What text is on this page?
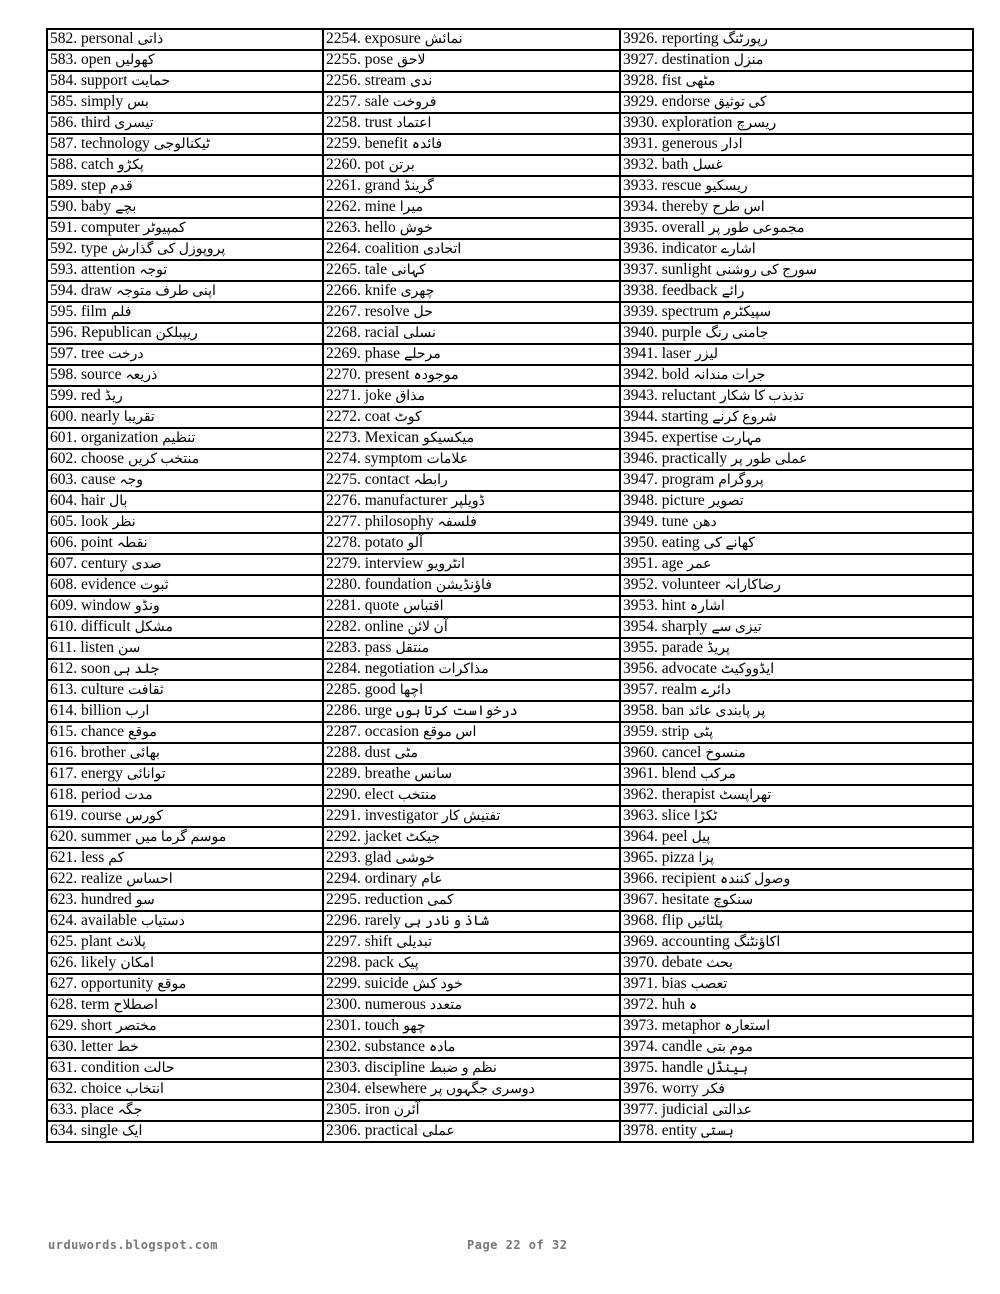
582. personal ذاتی	2254. exposure نمائش	3926. reporting رپورٹنگ
583. open کھولیں	2255. pose لاحق	3927. destination منزل
584. support حمایت	2256. stream ندی	3928. fist مٹھی
585. simply بس	2257. sale فروخت	3929. endorse کی توثیق
586. third تیسری	2258. trust اعتماد	3930. exploration ریسرچ
587. technology ٹیکنالوجی	2259. benefit فائدہ	3931. generous ادار
588. catch پکڑو	2260. pot برتن	3932. bath غسل
589. step قدم	2261. grand گرینڈ	3933. rescue ریسکیو
590. baby بچے	2262. mine میرا	3934. thereby اس طرح
591. computer کمپیوٹر	2263. hello خوش	3935. overall مجموعی طور پر
592. type پروپوزل کی گذارش	2264. coalition اتحادی	3936. indicator اشارے
593. attention توجہ	2265. tale کہانی	3937. sunlight سورج کی روشنی
594. draw اپنی طرف متوجہ	2266. knife چھری	3938. feedback رائے
595. film فلم	2267. resolve حل	3939. spectrum سپیکٹرم
596. Republican ریپبلکن	2268. racial نسلی	3940. purple جامنی رنگ
597. tree درخت	2269. phase مرحلے	3941. laser لیزر
598. source ذریعہ	2270. present موجودہ	3942. bold جرات مندانہ
599. red ریڈ	2271. joke مذاق	3943. reluctant تذبذب کا شکار
600. nearly تقریبا	2272. coat کوٹ	3944. starting شروع کرنے
601. organization تنظیم	2273. Mexican میکسیکو	3945. expertise مہارت
602. choose منتخب کریں	2274. symptom علامات	3946. practically عملی طور پر
603. cause وجہ	2275. contact رابطہ	3947. program پروگرام
604. hair بال	2276. manufacturer ڈویلپر	3948. picture تصویر
605. look نظر	2277. philosophy فلسفہ	3949. tune دھن
606. point نقطہ	2278. potato آلو	3950. eating کھانے کی
607. century صدی	2279. interview انٹرویو	3951. age عمر
608. evidence ثبوت	2280. foundation فاؤنڈیشن	3952. volunteer رضاکارانہ
609. window ونڈو	2281. quote اقتباس	3953. hint اشارہ
610. difficult مشکل	2282. online آن لائن	3954. sharply تیزی سے
611. listen سن	2283. pass منتقل	3955. parade پریڈ
612. soon جلد ہی	2284. negotiation مذاکرات	3956. advocate ایڈووکیٹ
613. culture ثقافت	2285. good اچھا	3957. realm دائرے
614. billion ارب	2286. urge درخواست کرتا ہوں	3958. ban پر پابندی عائد
615. chance موقع	2287. occasion اس موقع	3959. strip پٹی
616. brother بھائی	2288. dust مٹی	3960. cancel منسوخ
617. energy توانائی	2289. breathe سانس	3961. blend مرکب
618. period مدت	2290. elect منتخب	3962. therapist تھراپسٹ
619. course کورس	2291. investigator تفتیش کار	3963. slice ٹکڑا
620. summer موسم گرما میں	2292. jacket جیکٹ	3964. peel پیل
621. less کم	2293. glad خوشی	3965. pizza پزا
622. realize احساس	2294. ordinary عام	3966. recipient وصول کنندہ
623. hundred سو	2295. reduction کمی	3967. hesitate سنکوچ
624. available دستیاب	2296. rarely شاذ و نادر ہی	3968. flip پلٹائیں
625. plant پلانٹ	2297. shift تبدیلی	3969. accounting اکاؤنٹنگ
626. likely امکان	2298. pack پیک	3970. debate بحث
627. opportunity موقع	2299. suicide خود کش	3971. bias تعصب
628. term اصطلاح	2300. numerous متعدد	3972. huh ہ
629. short مختصر	2301. touch چھو	3973. metaphor استعارہ
630. letter خط	2302. substance مادہ	3974. candle موم بتی
631. condition حالت	2303. discipline نظم و ضبط	3975. handle ہینڈل
632. choice انتخاب	2304. elsewhere دوسری جگہوں پر	3976. worry فکر
633. place جگہ	2305. iron آئرن	3977. judicial عدالتی
634. single ایک	2306. practical عملی	3978. entity ہستی
urduwords.blogspot.com	Page 22 of 32
